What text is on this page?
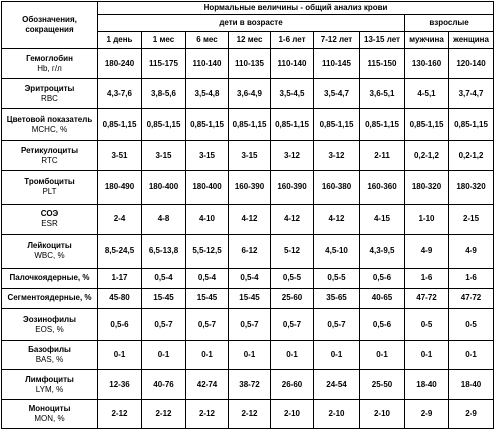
Обозначения, сокращения	Нормальные величины - общий анализ крови								
	дети в возрасте							взрослые	
	1 день	1 мес	6 мес	12 мес	1-6 лет	7-12 лет	13-15 лет	мужчина	женщина

Гемоглобин
Hb, г/л	180-240	115-175	110-140	110-135	110-140	110-145	115-150	130-160	120-140

Эритроциты
RBC	4,3-7,6	3,8-5,6	3,5-4,8	3,6-4,9	3,5-4,5	3,5-4,7	3,6-5,1	4-5,1	3,7-4,7

Цветовой показатель
MCHC, %	0,85-1,15	0,85-1,15	0,85-1,15	0,85-1,15	0,85-1,15	0,85-1,15	0,85-1,15	0,85-1,15	0,85-1,15

Ретикулоциты
RTC	3-51	3-15	3-15	3-15	3-12	3-12	2-11	0,2-1,2	0,2-1,2

Тромбоциты
PLT	180-490	180-400	180-400	160-390	160-390	160-380	160-360	180-320	180-320

СОЭ
ESR	2-4	4-8	4-10	4-12	4-12	4-12	4-15	1-10	2-15

Лейкоциты
WBC, %	8,5-24,5	6,5-13,8	5,5-12,5	6-12	5-12	4,5-10	4,3-9,5	4-9	4-9

Палочкоядерные, %	1-17	0,5-4	0,5-4	0,5-4	0,5-5	0,5-5	0,5-6	1-6	1-6

Сегментоядерные, %	45-80	15-45	15-45	15-45	25-60	35-65	40-65	47-72	47-72

Эозинофилы
EOS, %	0,5-6	0,5-7	0,5-7	0,5-7	0,5-7	0,5-7	0,5-6	0-5	0-5

Базофилы
BAS, %	0-1	0-1	0-1	0-1	0-1	0-1	0-1	0-1	0-1

Лимфоциты
LYM, %	12-36	40-76	42-74	38-72	26-60	24-54	25-50	18-40	18-40

Моноциты
MON, %	2-12	2-12	2-12	2-12	2-10	2-10	2-10	2-9	2-9
